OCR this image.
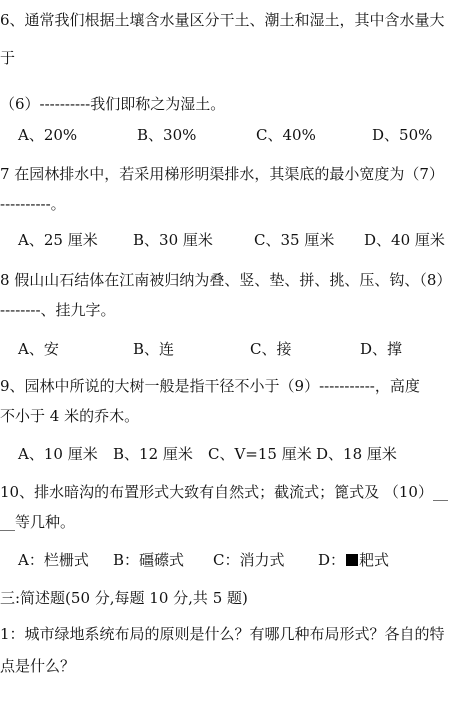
6、通常我们根据土壤含水量区分干土、潮土和湿土，其中含水量大
于
（6）----------我们即称之为湿土。
A、20%	B、30%	C、40%	D、50%
7 在园林排水中，若采用梯形明渠排水，其渠底的最小宽度为（7）
----------。
A、25 厘米 B、30 厘米	C、35 厘米 D、40 厘米
8 假山山石结体在江南被归纳为叠、竖、垫、拼、挑、压、钩、（8）
--------、挂九字。
A、安	B、连	C、接	D、撑
9、园林中所说的大树一般是指干径不小于（9）-----------，高度
不小于 4 米的乔木。
A、10 厘米 B、12 厘米 C、V=15 厘米 D、18 厘米
10、排水暗沟的布置形式大致有自然式；截流式；篦式及 （10）__
__等几种。
A：栏栅式 B：礓礤式 C：消力式 D： 耙式
三:简述题(50 分,每题 10 分,共 5 题)
1：城市绿地系统布局的原则是什么？有哪几种布局形式？各自的特
点是什么？
